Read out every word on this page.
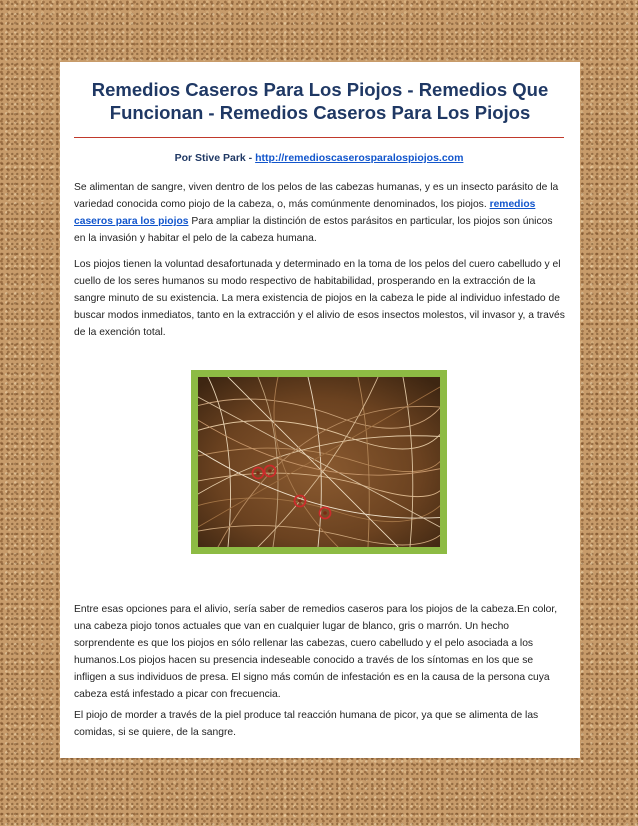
Remedios Caseros Para Los Piojos - Remedios Que Funcionan - Remedios Caseros Para Los Piojos
Por Stive Park - http://remedioscaserosparalospiojos.com

Se alimentan de sangre, viven dentro de los pelos de las cabezas humanas, y es un insecto parásito de la variedad conocida como piojo de la cabeza, o, más comúnmente denominados, los piojos. remedios caseros para los piojos Para ampliar la distinción de estos parásitos en particular, los piojos son únicos en la invasión y habitar el pelo de la cabeza humana.

Los piojos tienen la voluntad desafortunada y determinado en la toma de los pelos del cuero cabelludo y el cuello de los seres humanos su modo respectivo de habitabilidad, prosperando en la extracción de la sangre minuto de su existencia. La mera existencia de piojos en la cabeza le pide al individuo infestado de buscar modos inmediatos, tanto en la extracción y el alivio de esos insectos molestos, vil invasor y, a través de la exención total.

Entre esas opciones para el alivio, sería saber de remedios caseros para los piojos de la cabeza.En color, una cabeza piojo tonos actuales que van en cualquier lugar de blanco, gris o marrón. Un hecho sorprendente es que los piojos en sólo rellenar las cabezas, cuero cabelludo y el pelo asociada a los humanos.Los piojos hacen su presencia indeseable conocido a través de los síntomas en los que se infligen a sus individuos de presa. El signo más común de infestación es en la causa de la persona cuya cabeza está infestado a picar con frecuencia.

El piojo de morder a través de la piel produce tal reacción humana de picor, ya que se alimenta de las comidas, si se quiere, de la sangre.
